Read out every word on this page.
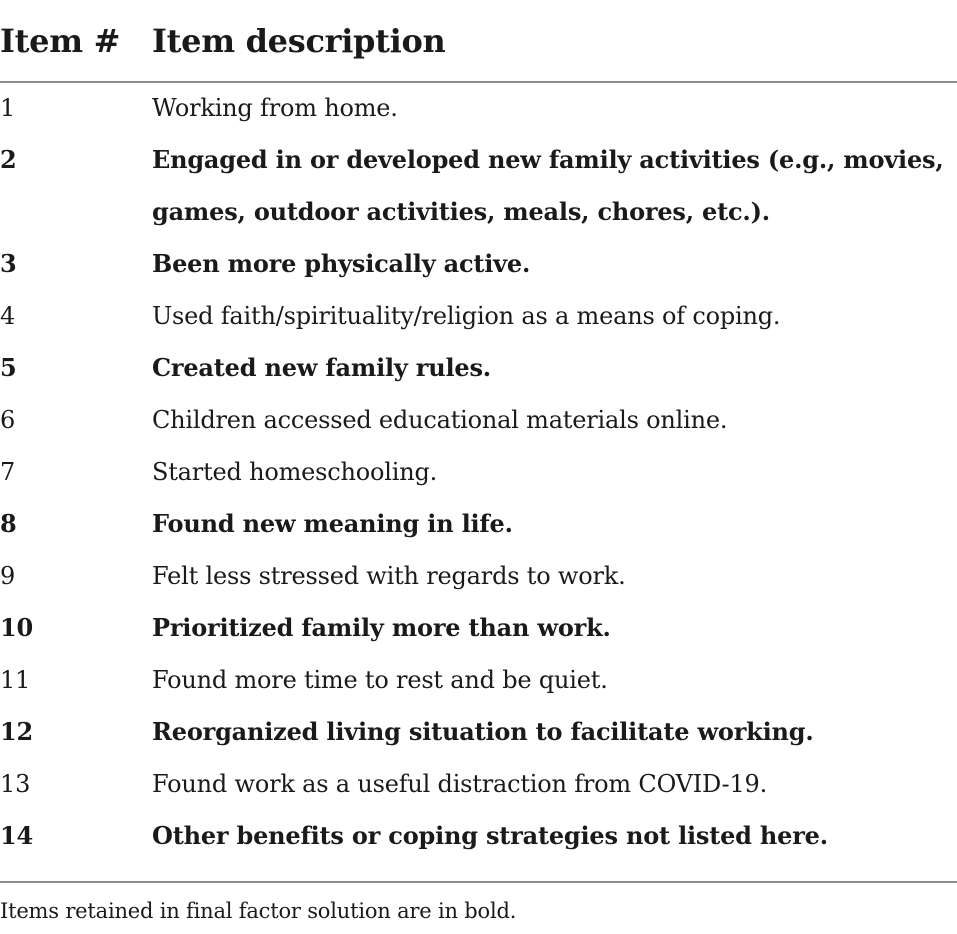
Item # Item description
1	Working from home.
2	Engaged in or developed new family activities (e.g., movies, games, outdoor activities, meals, chores, etc.).
3	Been more physically active.
4	Used faith/spirituality/religion as a means of coping.
5	Created new family rules.
6	Children accessed educational materials online.
7	Started homeschooling.
8	Found new meaning in life.
9	Felt less stressed with regards to work.
10	Prioritized family more than work.
11	Found more time to rest and be quiet.
12	Reorganized living situation to facilitate working.
13	Found work as a useful distraction from COVID-19.
14	Other benefits or coping strategies not listed here.
Items retained in final factor solution are in bold.
